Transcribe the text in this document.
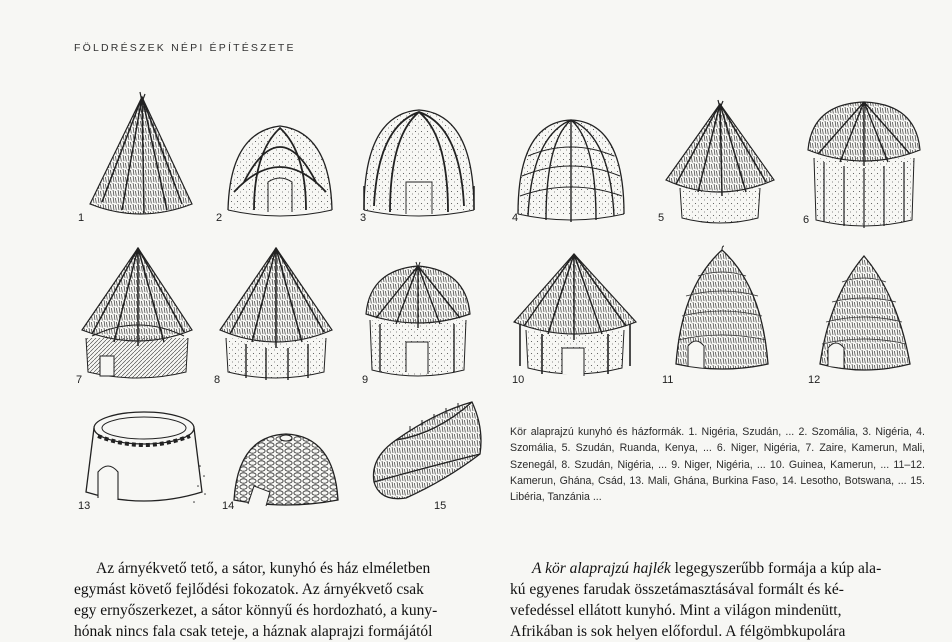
FÖLDRÉSZEK NÉPI ÉPÍTÉSZETE
1	2	3	4	5	6
7	8	9	10	11	12
13	14	15
Kör alaprajzú kunyhó és házformák. 1. Nigéria, Szudán, ... 2. Szomália, 3. Nigéria, 4. Szomália, 5. Szudán, Ruanda, Kenya, ... 6. Niger, Nigéria, 7. Zaire, Kamerun, Mali, Szenegál, 8. Szudán, Nigéria, ... 9. Niger, Nigéria, ... 10. Guinea, Kamerun, ... 11–12. Kamerun, Ghána, Csád, 13. Mali, Ghána, Burkina Faso, 14. Lesotho, Botswana, ... 15. Libéria, Tanzánia ...
Az árnyékvető tető, a sátor, kunyhó és ház elméletben
egymást követő fejlődési fokozatok. Az árnyékvető csak
egy ernyőszerkezet, a sátor könnyű és hordozható, a kuny-
hónak nincs fala csak teteje, a háznak alaprajzi formájától
A kör alaprajzú hajlék legegyszerűbb formája a kúp ala-
kú egyenes farudak összetámasztásával formált és ké-
vefedéssel ellátott kunyhó. Mint a világon mindenütt,
Afrikában is sok helyen előfordul. A félgömbkupolára
